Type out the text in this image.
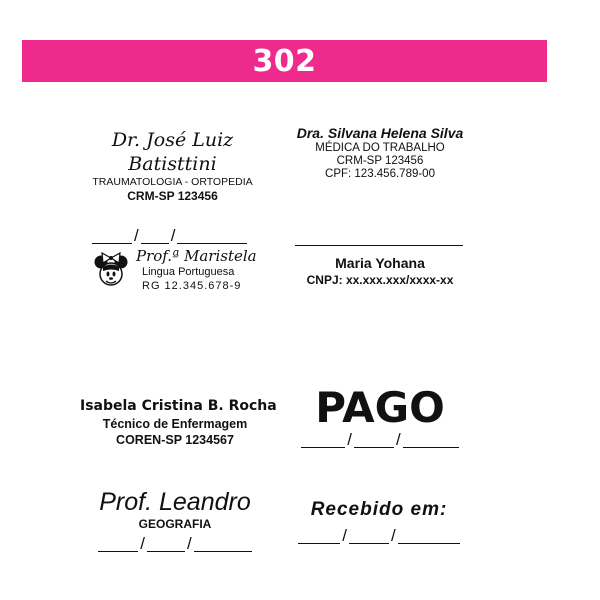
302
Dr. José Luiz Batisttini
TRAUMATOLOGIA - ORTOPEDIA
CRM-SP 123456
Dra. Silvana Helena Silva
MÉDICA DO TRABALHO
CRM-SP 123456
CPF: 123.456.789-00
/ /
Prof.ª Maristela
Lingua Portuguesa
RG 12.345.678-9
Maria Yohana
CNPJ: xx.xxx.xxx/xxxx-xx
Isabela Cristina B. Rocha
Técnico de Enfermagem
COREN-SP 1234567
PAGO
/	/
Prof. Leandro
GEOGRAFIA
/ /
Recebido em:
/	/
